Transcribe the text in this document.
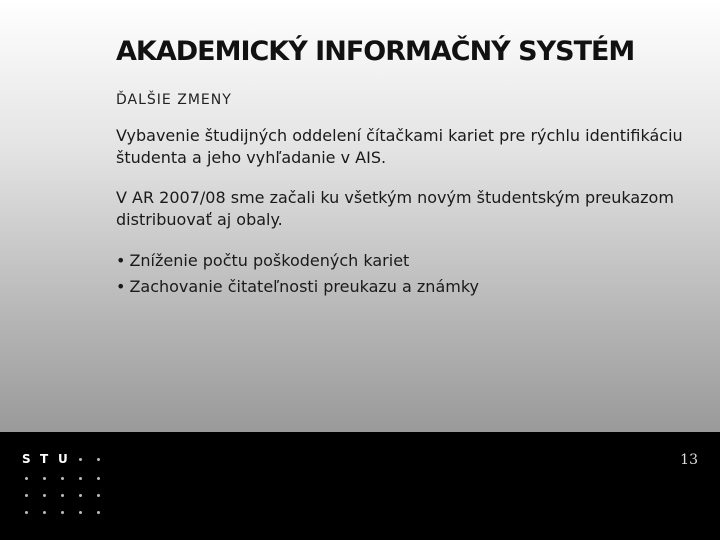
AKADEMICKÝ INFORMAČNÝ SYSTÉM

ĎALŠIE ZMENY

Vybavenie študijných oddelení čítačkami kariet pre rýchlu identifikáciu študenta a jeho vyhľadanie v AIS.

V AR 2007/08 sme začali ku všetkým novým študentským preukazom distribuovať aj obaly.

• Zníženie počtu poškodených kariet
• Zachovanie čitateľnosti preukazu a známky
S T U	13
